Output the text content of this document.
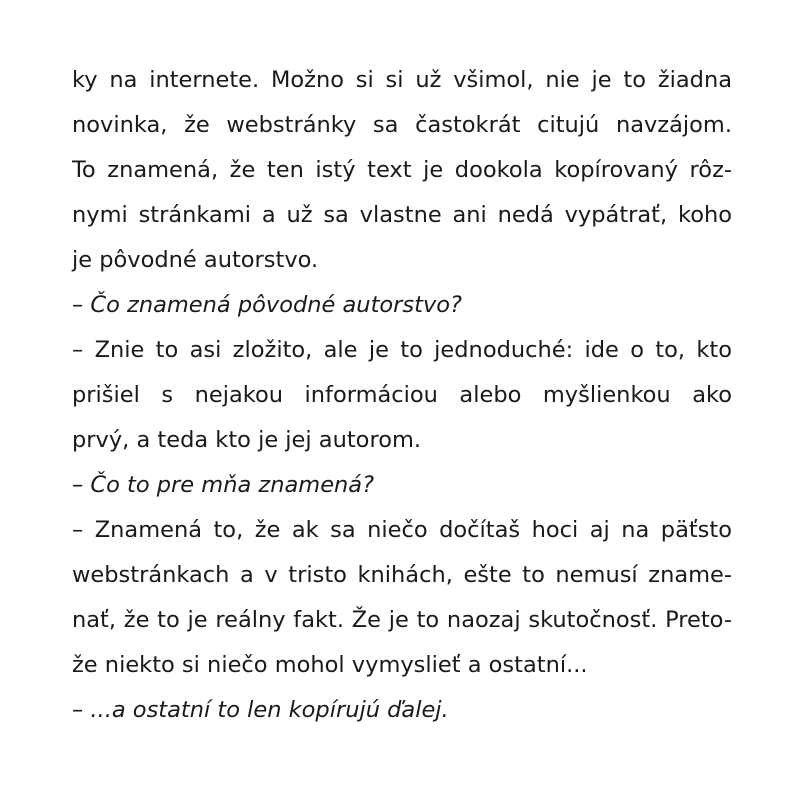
ky na internete. Možno si si už všimol, nie je to žiadna
novinka, že webstránky sa častokrát citujú navzájom.
To znamená, že ten istý text je dookola kopírovaný rôz-
nymi stránkami a už sa vlastne ani nedá vypátrať, koho
je pôvodné autorstvo.
– Čo znamená pôvodné autorstvo?
– Znie to asi zložito, ale je to jednoduché: ide o to, kto
prišiel s nejakou informáciou alebo myšlienkou ako
prvý, a teda kto je jej autorom.
– Čo to pre mňa znamená?
– Znamená to, že ak sa niečo dočítaš hoci aj na päťsto
webstránkach a v tristo knihách, ešte to nemusí zname-
nať, že to je reálny fakt. Že je to naozaj skutočnosť. Preto-
že niekto si niečo mohol vymyslieť a ostatní...
– ...a ostatní to len kopírujú ďalej.
